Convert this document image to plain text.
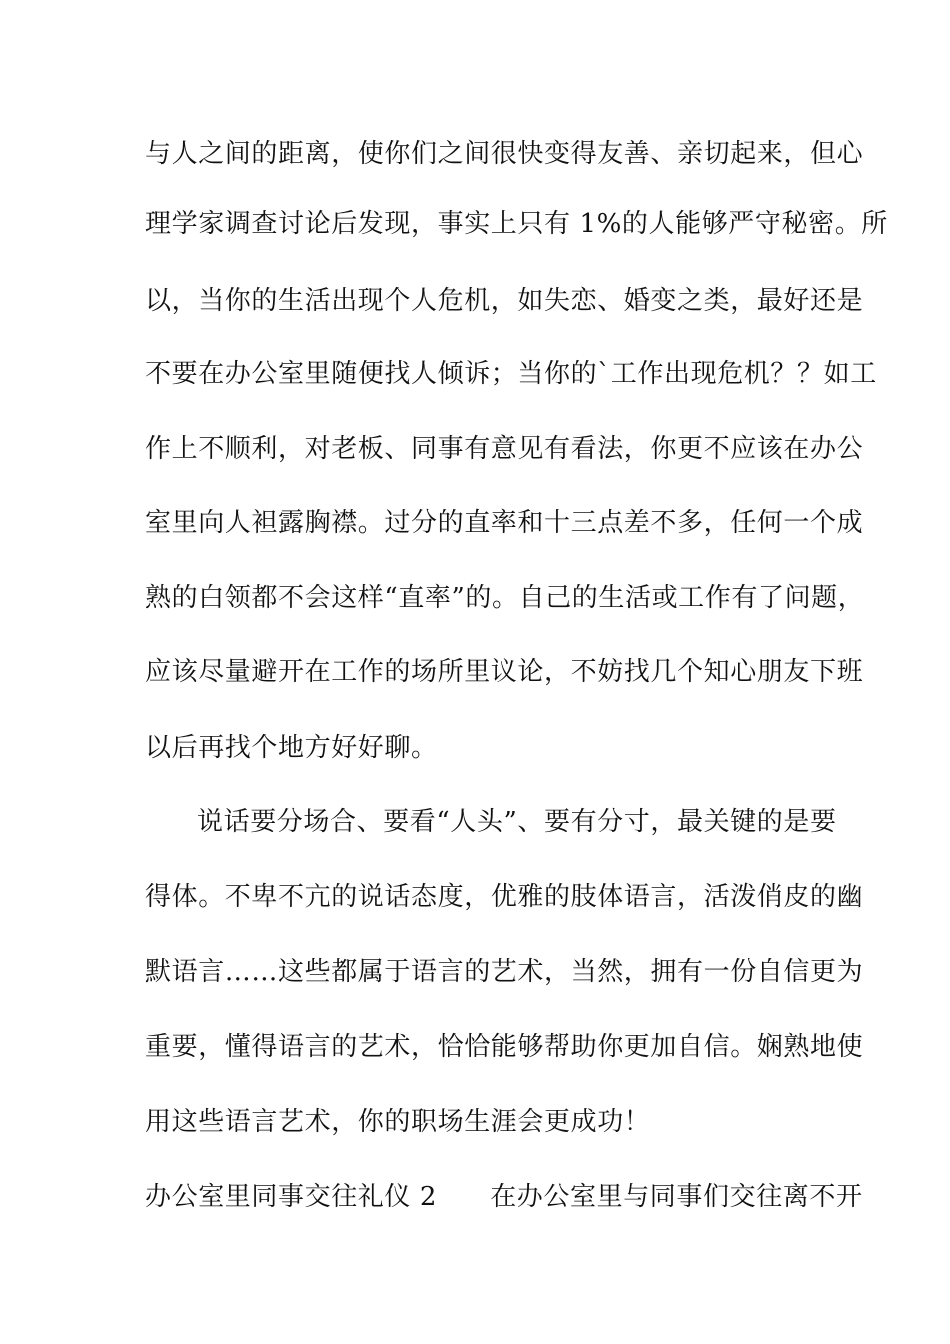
与人之间的距离，使你们之间很快变得友善、亲切起来，但心
理学家调查讨论后发现，事实上只有 1%的人能够严守秘密。所
以，当你的生活出现个人危机，如失恋、婚变之类，最好还是
不要在办公室里随便找人倾诉；当你的`工作出现危机？？如工
作上不顺利，对老板、同事有意见有看法，你更不应该在办公
室里向人袒露胸襟。过分的直率和十三点差不多，任何一个成
熟的白领都不会这样“直率”的。自己的生活或工作有了问题，
应该尽量避开在工作的场所里议论，不妨找几个知心朋友下班
以后再找个地方好好聊。
说话要分场合、要看“人头”、要有分寸，最关键的是要
得体。不卑不亢的说话态度，优雅的肢体语言，活泼俏皮的幽
默语言……这些都属于语言的艺术，当然，拥有一份自信更为
重要，懂得语言的艺术，恰恰能够帮助你更加自信。娴熟地使
用这些语言艺术，你的职场生涯会更成功！
办公室里同事交往礼仪 2　　在办公室里与同事们交往离不开
